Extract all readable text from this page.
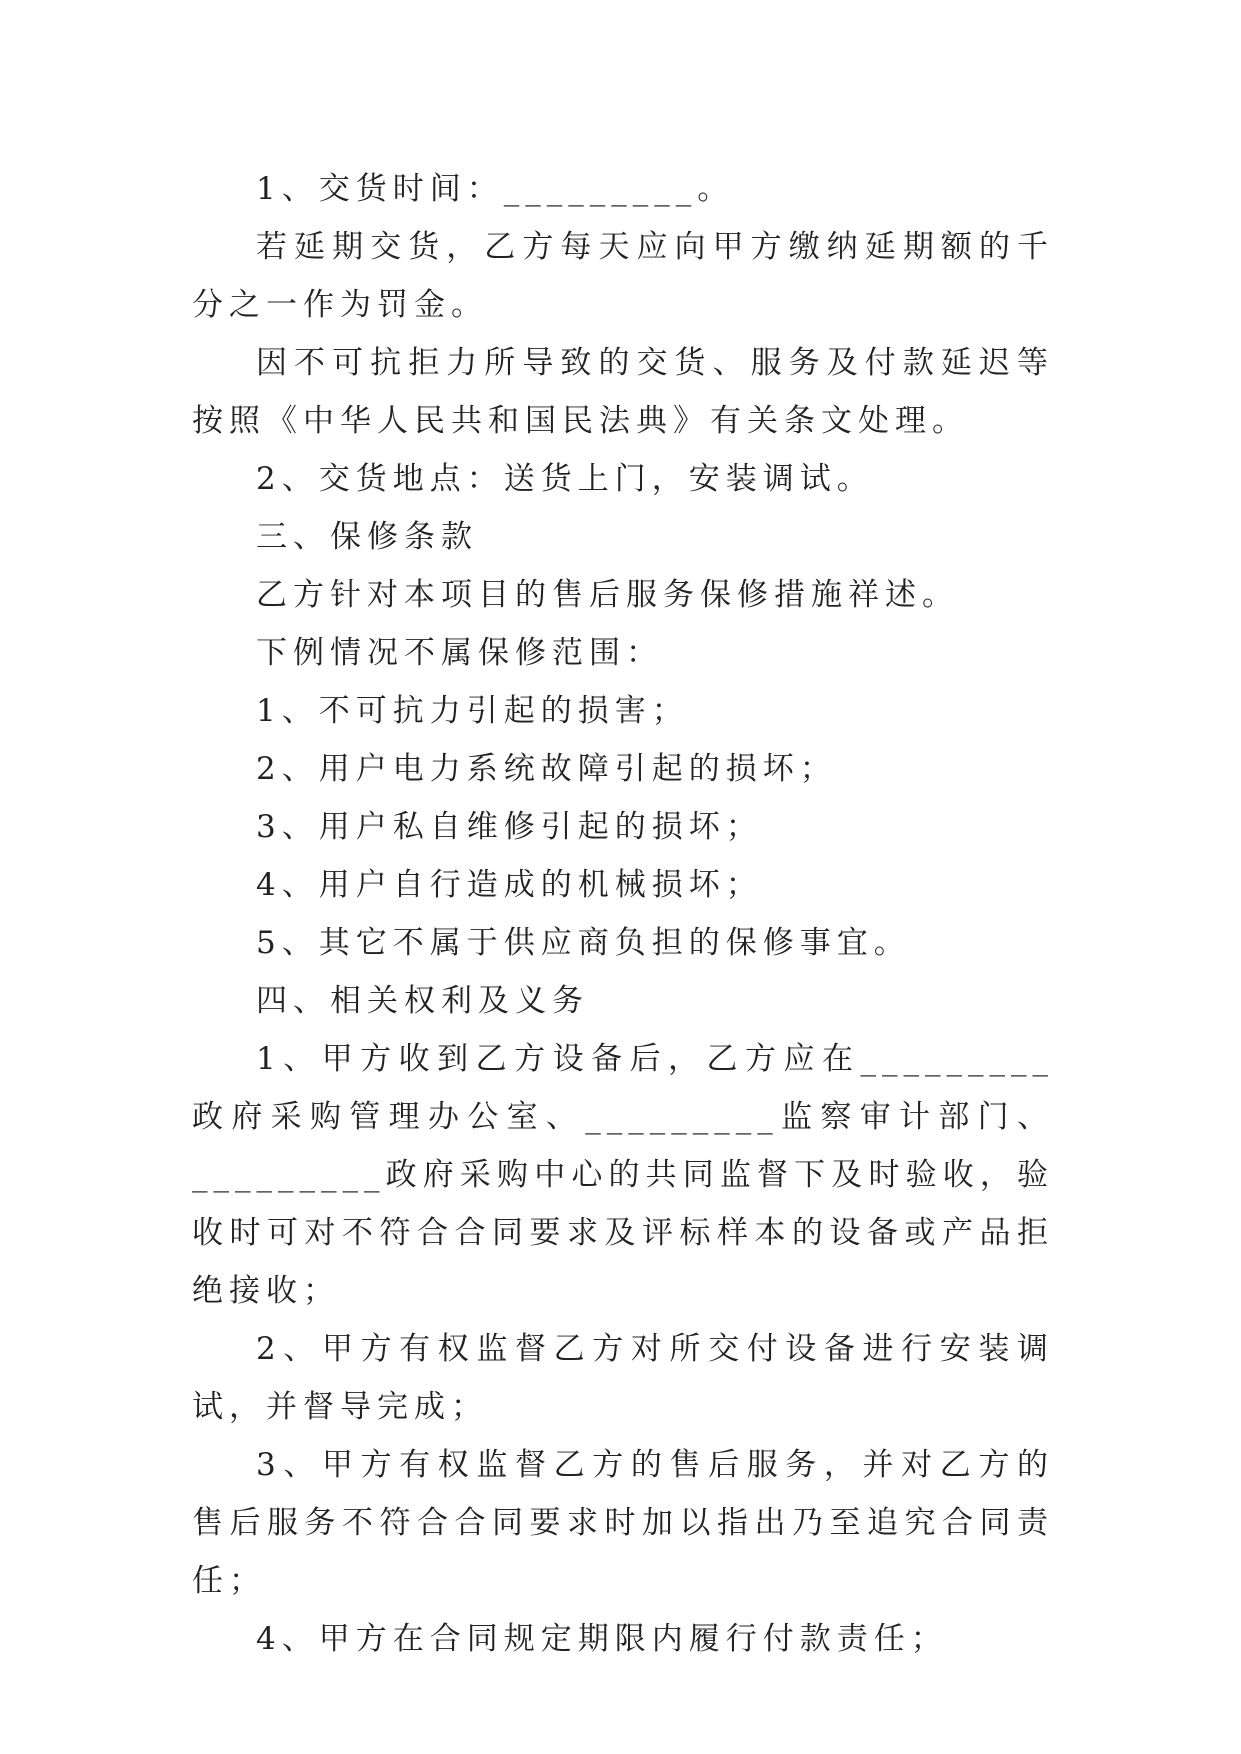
1、交货时间：_________。

若延期交货，乙方每天应向甲方缴纳延期额的千分之一作为罚金。

因不可抗拒力所导致的交货、服务及付款延迟等按照《中华人民共和国民法典》有关条文处理。

2、交货地点：送货上门，安装调试。

三、保修条款

乙方针对本项目的售后服务保修措施祥述。

下例情况不属保修范围：

1、不可抗力引起的损害；

2、用户电力系统故障引起的损坏；

3、用户私自维修引起的损坏；

4、用户自行造成的机械损坏；

5、其它不属于供应商负担的保修事宜。

四、相关权利及义务

1、甲方收到乙方设备后，乙方应在_________政府采购管理办公室、_________监察审计部门、_________政府采购中心的共同监督下及时验收，验收时可对不符合合同要求及评标样本的设备或产品拒绝接收；

2、甲方有权监督乙方对所交付设备进行安装调试，并督导完成；

3、甲方有权监督乙方的售后服务，并对乙方的售后服务不符合合同要求时加以指出乃至追究合同责任；

4、甲方在合同规定期限内履行付款责任；
